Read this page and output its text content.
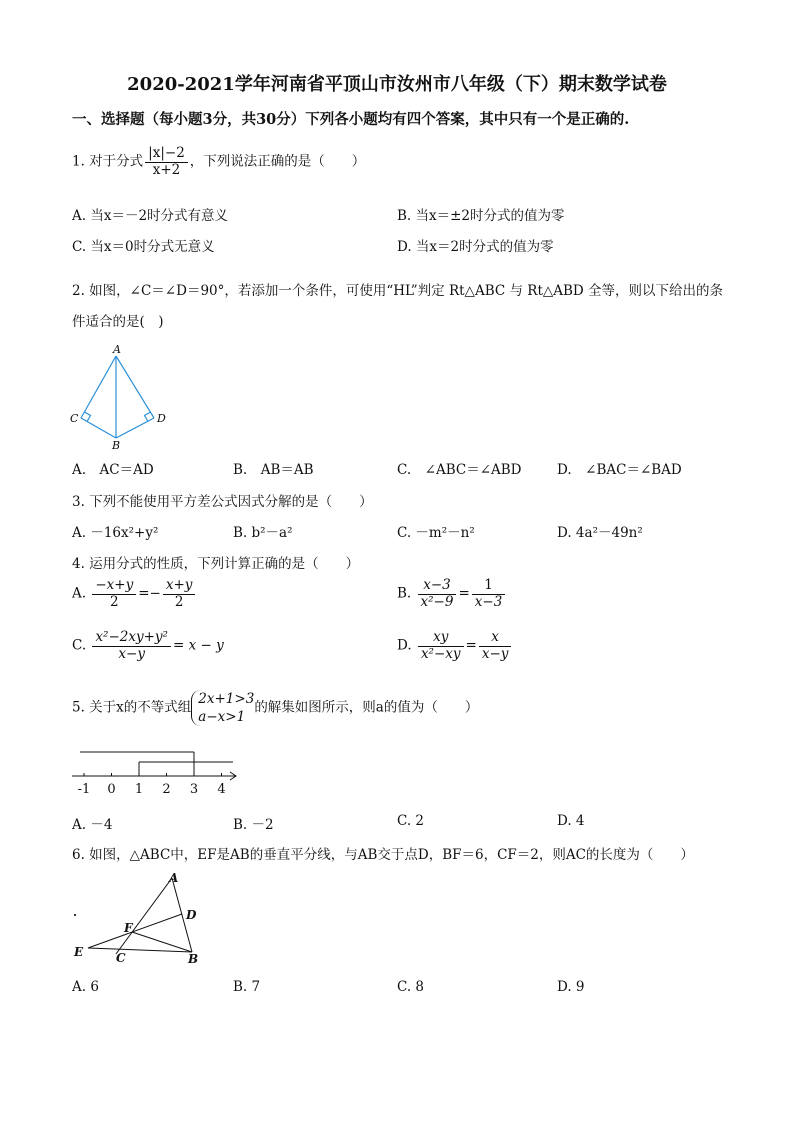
2020-2021学年河南省平顶山市汝州市八年级（下）期末数学试卷
一、选择题（每小题3分，共30分）下列各小题均有四个答案，其中只有一个是正确的.
1. 对于分式 $\frac{|x|-2}{x+2}$ ，下列说法正确的是（　　）
A. 当x＝－2时分式有意义	B. 当x＝±2时分式的值为零
C. 当x＝0时分式无意义	D. 当x＝2时分式的值为零
2. 如图，∠C＝∠D＝90°，若添加一个条件，可使用“HL”判定 Rt△ABC 与 Rt△ABD 全等，则以下给出的条
件适合的是(　)
A
C	D
B
A.　AC＝AD	B.　AB＝AB	C.　∠ABC＝∠ABD	D.　∠BAC＝∠BAD
3. 下列不能使用平方差公式因式分解的是（　　）
A. －16x²+y²	B. b²－a²	C. －m²－n²	D. 4a²－49n²
4. 运用分式的性质，下列计算正确的是（　　）
A. $\frac{-x+y}{2} =- \frac{x+y}{2}$	B. $\frac{x-3}{\text{x²−9}} = \frac{1}{x-3}$
C. $\frac{\text{x²−2xy+y²}}{x-y} = x - y$	D. $\frac{xy}{\text{x²−xy}} = \frac{x}{x-y}$
5. 关于x的不等式组
2x+1>3
a−x>1
的解集如图所示，则a的值为（　　）
-1 0 1 2 3 4
A. －4	B. －2	C. 2	D. 4
6. 如图，△ABC中，EF是AB的垂直平分线，与AB交于点D，BF＝6，CF＝2，则AC的长度为（　　）
A
D
F
E	C	B
A. 6	B. 7	C. 8	D. 9
